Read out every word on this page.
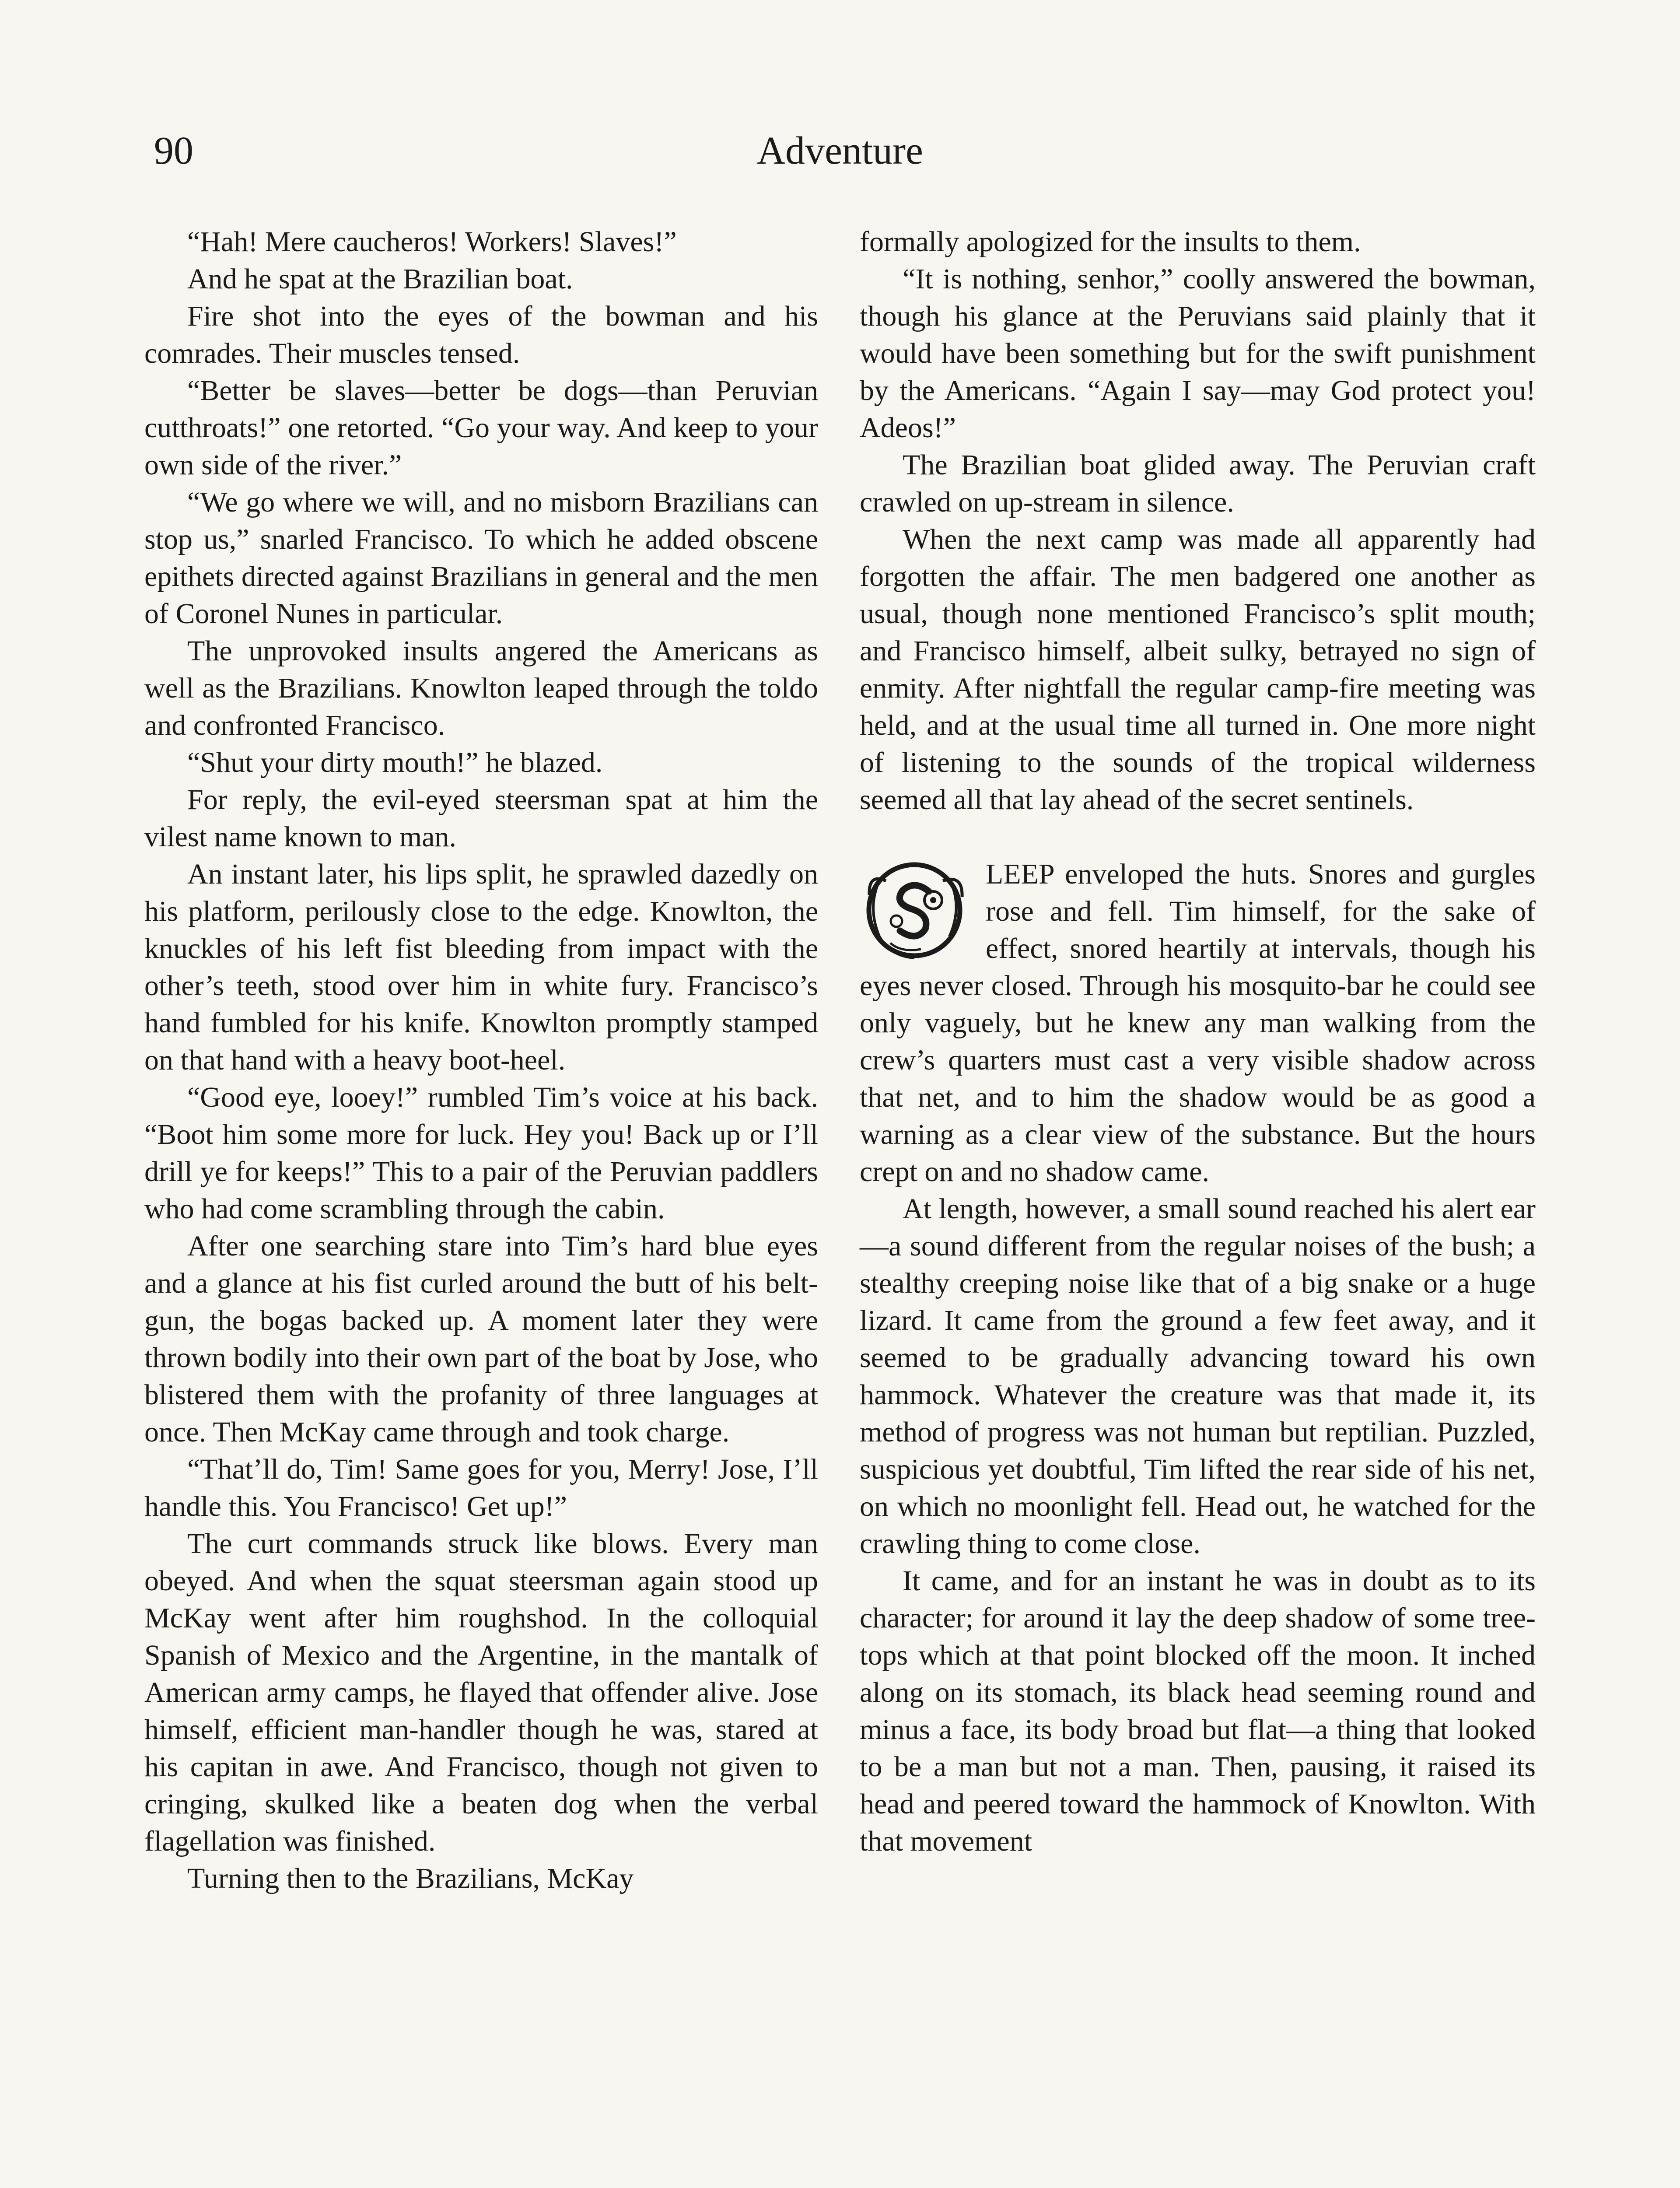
90	Adventure

“Hah! Mere caucheros! Workers! Slaves!”

And he spat at the Brazilian boat.

Fire shot into the eyes of the bowman and his comrades. Their muscles tensed.

“Better be slaves—better be dogs—than Peruvian cutthroats!” one retorted. “Go your way. And keep to your own side of the river.”

“We go where we will, and no misborn Brazilians can stop us,” snarled Francisco. To which he added obscene epithets directed against Brazilians in general and the men of Coronel Nunes in particular.

The unprovoked insults angered the Americans as well as the Brazilians. Knowlton leaped through the toldo and confronted Francisco.

“Shut your dirty mouth!” he blazed.

For reply, the evil-eyed steersman spat at him the vilest name known to man.

An instant later, his lips split, he sprawled dazedly on his platform, perilously close to the edge. Knowlton, the knuckles of his left fist bleeding from impact with the other’s teeth, stood over him in white fury. Francisco’s hand fumbled for his knife. Knowlton promptly stamped on that hand with a heavy boot-heel.

“Good eye, looey!” rumbled Tim’s voice at his back. “Boot him some more for luck. Hey you! Back up or I’ll drill ye for keeps!” This to a pair of the Peruvian paddlers who had come scrambling through the cabin.

After one searching stare into Tim’s hard blue eyes and a glance at his fist curled around the butt of his belt-gun, the bogas backed up. A moment later they were thrown bodily into their own part of the boat by Jose, who blistered them with the profanity of three languages at once. Then McKay came through and took charge.

“That’ll do, Tim! Same goes for you, Merry! Jose, I’ll handle this. You Francisco! Get up!”

The curt commands struck like blows. Every man obeyed. And when the squat steersman again stood up McKay went after him roughshod. In the colloquial Spanish of Mexico and the Argentine, in the mantalk of American army camps, he flayed that offender alive. Jose himself, efficient man-handler though he was, stared at his capitan in awe. And Francisco, though not given to cringing, skulked like a beaten dog when the verbal flagellation was finished.

Turning then to the Brazilians, McKay

formally apologized for the insults to them.

“It is nothing, senhor,” coolly answered the bowman, though his glance at the Peruvians said plainly that it would have been something but for the swift punishment by the Americans. “Again I say—may God protect you! Adeos!”

The Brazilian boat glided away. The Peruvian craft crawled on up-stream in silence.

When the next camp was made all apparently had forgotten the affair. The men badgered one another as usual, though none mentioned Francisco’s split mouth; and Francisco himself, albeit sulky, betrayed no sign of enmity. After nightfall the regular camp-fire meeting was held, and at the usual time all turned in. One more night of listening to the sounds of the tropical wilderness seemed all that lay ahead of the secret sentinels.

LEEP enveloped the huts. Snores and gurgles rose and fell. Tim himself, for the sake of effect, snored heartily at intervals, though his eyes never closed. Through his mosquito-bar he could see only vaguely, but he knew any man walking from the crew’s quarters must cast a very visible shadow across that net, and to him the shadow would be as good a warning as a clear view of the substance. But the hours crept on and no shadow came.

At length, however, a small sound reached his alert ear—a sound different from the regular noises of the bush; a stealthy creeping noise like that of a big snake or a huge lizard. It came from the ground a few feet away, and it seemed to be gradually advancing toward his own hammock. Whatever the creature was that made it, its method of progress was not human but reptilian. Puzzled, suspicious yet doubtful, Tim lifted the rear side of his net, on which no moonlight fell. Head out, he watched for the crawling thing to come close.

It came, and for an instant he was in doubt as to its character; for around it lay the deep shadow of some tree-tops which at that point blocked off the moon. It inched along on its stomach, its black head seeming round and minus a face, its body broad but flat—a thing that looked to be a man but not a man. Then, pausing, it raised its head and peered toward the hammock of Knowlton. With that movement
